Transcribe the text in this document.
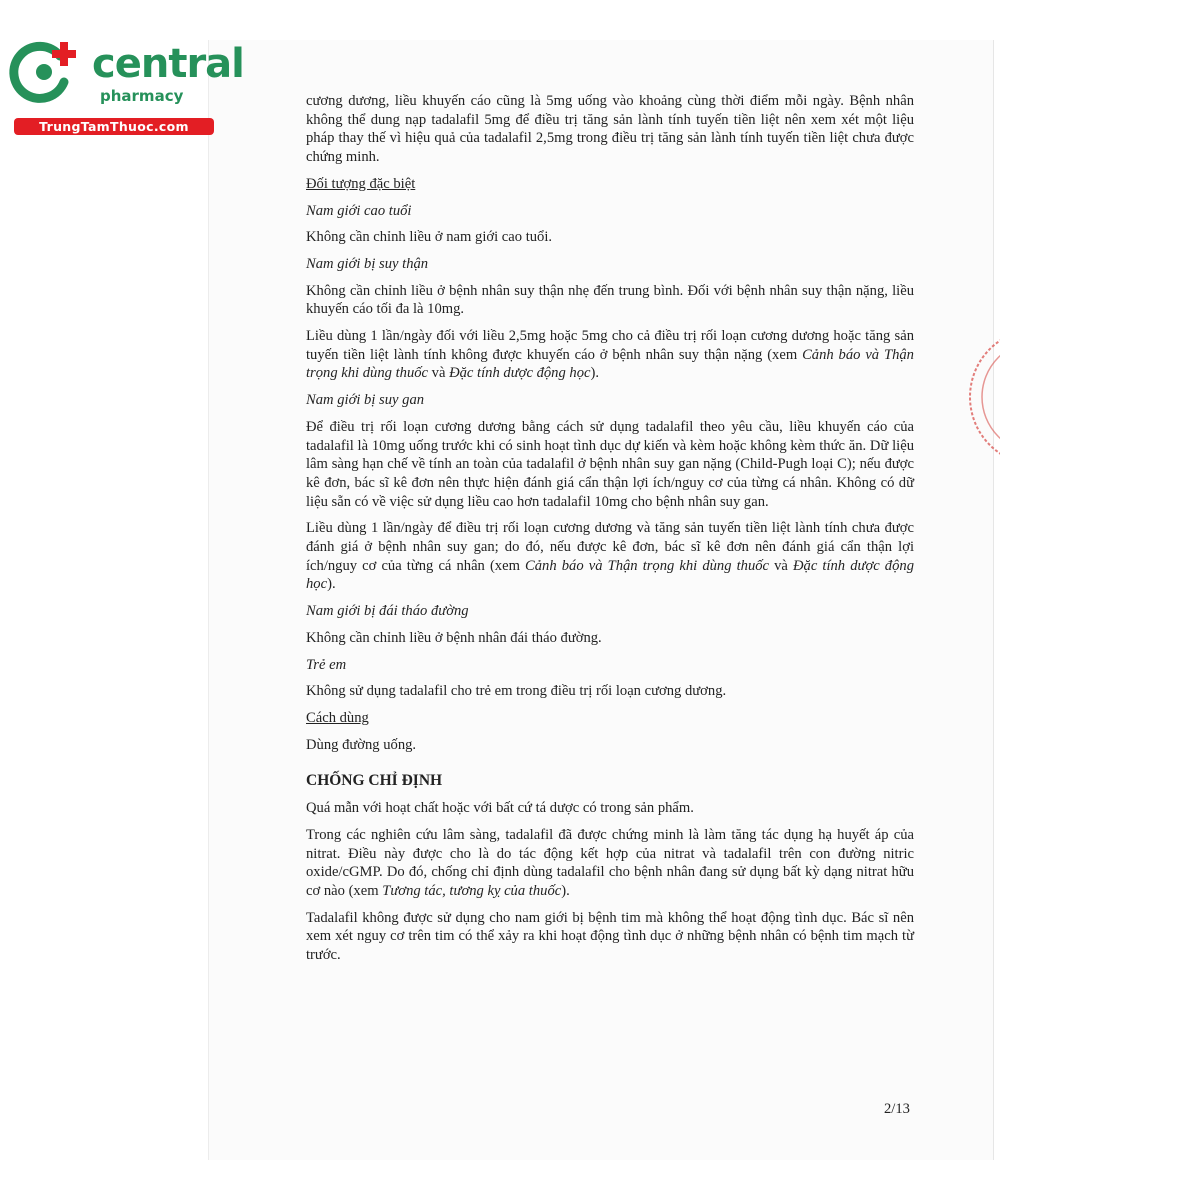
central
pharmacy
TrungTamThuoc.com

cương dương, liều khuyến cáo cũng là 5mg uống vào khoảng cùng thời điểm mỗi ngày. Bệnh nhân không thể dung nạp tadalafil 5mg để điều trị tăng sản lành tính tuyến tiền liệt nên xem xét một liệu pháp thay thế vì hiệu quả của tadalafil 2,5mg trong điều trị tăng sản lành tính tuyến tiền liệt chưa được chứng minh.

Đối tượng đặc biệt

Nam giới cao tuổi

Không cần chỉnh liều ở nam giới cao tuổi.

Nam giới bị suy thận

Không cần chỉnh liều ở bệnh nhân suy thận nhẹ đến trung bình. Đối với bệnh nhân suy thận nặng, liều khuyến cáo tối đa là 10mg.

Liều dùng 1 lần/ngày đối với liều 2,5mg hoặc 5mg cho cả điều trị rối loạn cương dương hoặc tăng sản tuyến tiền liệt lành tính không được khuyến cáo ở bệnh nhân suy thận nặng (xem Cảnh báo và Thận trọng khi dùng thuốc và Đặc tính dược động học).

Nam giới bị suy gan

Để điều trị rối loạn cương dương bằng cách sử dụng tadalafil theo yêu cầu, liều khuyến cáo của tadalafil là 10mg uống trước khi có sinh hoạt tình dục dự kiến và kèm hoặc không kèm thức ăn. Dữ liệu lâm sàng hạn chế về tính an toàn của tadalafil ở bệnh nhân suy gan nặng (Child-Pugh loại C); nếu được kê đơn, bác sĩ kê đơn nên thực hiện đánh giá cẩn thận lợi ích/nguy cơ của từng cá nhân. Không có dữ liệu sẵn có về việc sử dụng liều cao hơn tadalafil 10mg cho bệnh nhân suy gan.

Liều dùng 1 lần/ngày để điều trị rối loạn cương dương và tăng sản tuyến tiền liệt lành tính chưa được đánh giá ở bệnh nhân suy gan; do đó, nếu được kê đơn, bác sĩ kê đơn nên đánh giá cẩn thận lợi ích/nguy cơ của từng cá nhân (xem Cảnh báo và Thận trọng khi dùng thuốc và Đặc tính dược động học).

Nam giới bị đái tháo đường

Không cần chỉnh liều ở bệnh nhân đái tháo đường.

Trẻ em

Không sử dụng tadalafil cho trẻ em trong điều trị rối loạn cương dương.

Cách dùng

Dùng đường uống.

CHỐNG CHỈ ĐỊNH

Quá mẫn với hoạt chất hoặc với bất cứ tá dược có trong sản phẩm.

Trong các nghiên cứu lâm sàng, tadalafil đã được chứng minh là làm tăng tác dụng hạ huyết áp của nitrat. Điều này được cho là do tác động kết hợp của nitrat và tadalafil trên con đường nitric oxide/cGMP. Do đó, chống chỉ định dùng tadalafil cho bệnh nhân đang sử dụng bất kỳ dạng nitrat hữu cơ nào (xem Tương tác, tương kỵ của thuốc).

Tadalafil không được sử dụng cho nam giới bị bệnh tim mà không thể hoạt động tình dục. Bác sĩ nên xem xét nguy cơ trên tim có thể xảy ra khi hoạt động tình dục ở những bệnh nhân có bệnh tim mạch từ trước.

2/13
